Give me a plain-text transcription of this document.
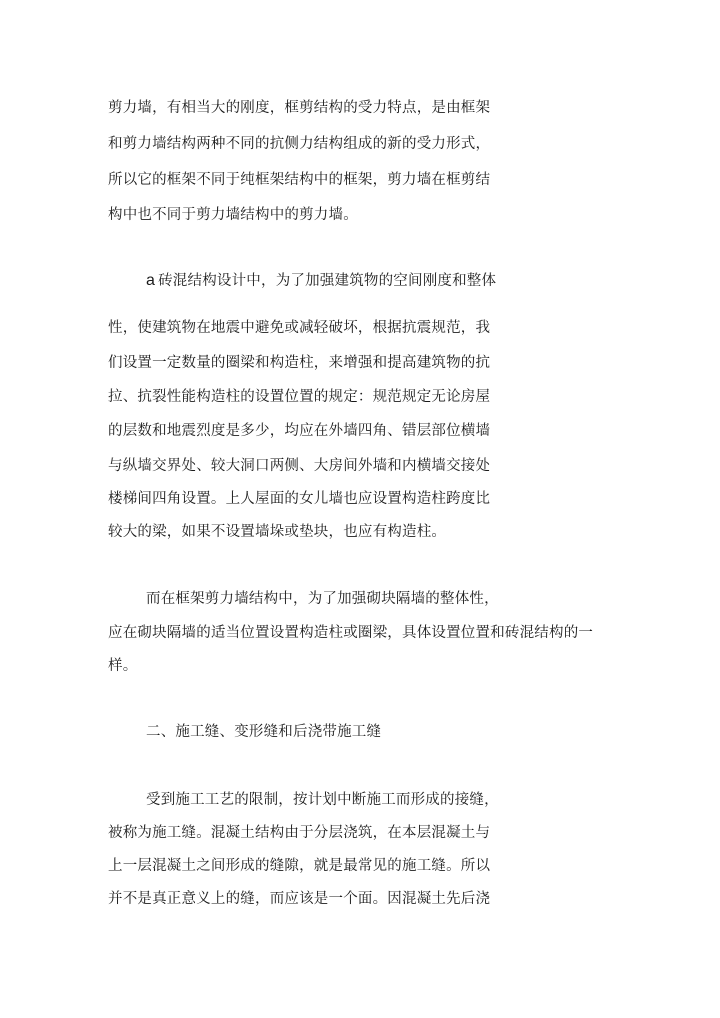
剪力墙，有相当大的刚度，框剪结构的受力特点，是由框架
和剪力墙结构两种不同的抗侧力结构组成的新的受力形式，
所以它的框架不同于纯框架结构中的框架，剪力墙在框剪结
构中也不同于剪力墙结构中的剪力墙。
a 砖混结构设计中，为了加强建筑物的空间刚度和整体
性，使建筑物在地震中避免或减轻破坏，根据抗震规范，我
们设置一定数量的圈梁和构造柱，来增强和提高建筑物的抗
拉、抗裂性能构造柱的设置位置的规定：规范规定无论房屋
的层数和地震烈度是多少，均应在外墙四角、错层部位横墙
与纵墙交界处、较大洞口两侧、大房间外墙和内横墙交接处
楼梯间四角设置。上人屋面的女儿墙也应设置构造柱跨度比
较大的梁，如果不设置墙垛或垫块，也应有构造柱。
而在框架剪力墙结构中，为了加强砌块隔墙的整体性，
应在砌块隔墙的适当位置设置构造柱或圈梁，具体设置位置和砖混结构的一
样。
二、施工缝、变形缝和后浇带施工缝
受到施工工艺的限制，按计划中断施工而形成的接缝，
被称为施工缝。混凝土结构由于分层浇筑，在本层混凝土与
上一层混凝土之间形成的缝隙，就是最常见的施工缝。所以
并不是真正意义上的缝，而应该是一个面。因混凝土先后浇
